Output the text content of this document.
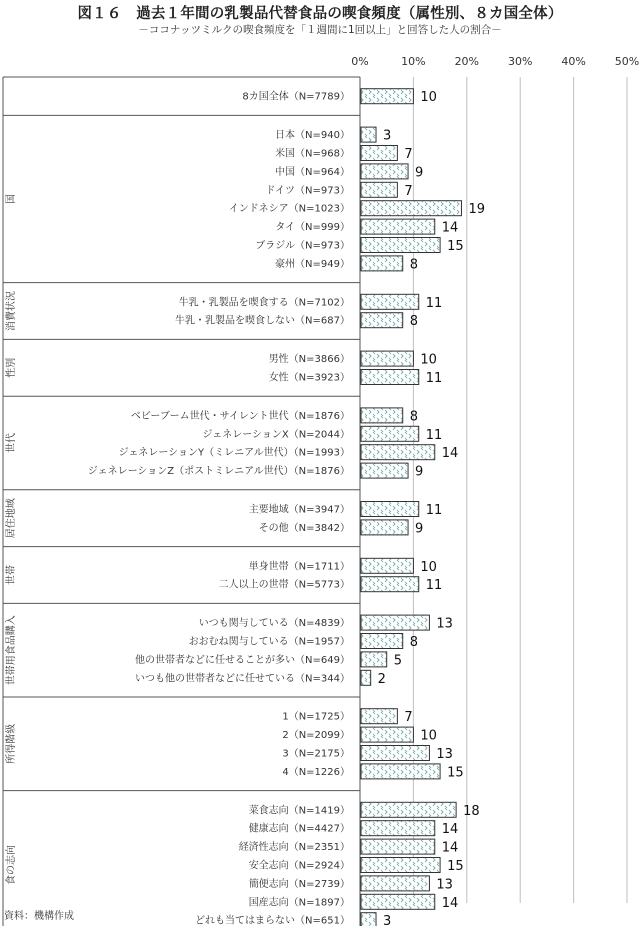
図１６　過去１年間の乳製品代替食品の喫食頻度（属性別、８カ国全体）
－ココナッツミルクの喫食頻度を「１週間に1回以上」と回答した人の割合－
0%	10%	20%	30%	40%	50%
8カ国全体（N=7789）	10
日本（N=940）	3
米国（N=968）	7
中国（N=964）	9
ドイツ（N=973）	7
インドネシア（N=1023）	19
タイ（N=999）	14
ブラジル（N=973）	15
豪州（N=949）	8
国
牛乳・乳製品を喫食する（N=7102）	11
牛乳・乳製品を喫食しない（N=687）	8
消費状況
男性（N=3866）	10
女性（N=3923）	11
性別
ベビーブーム世代・サイレント世代（N=1876）	8
ジェネレーションX（N=2044）	11
ジェネレーションY（ミレニアル世代）（N=1993）	14
ジェネレーションZ（ポストミレニアル世代）（N=1876）	9
世代
主要地域（N=3947）	11
その他（N=3842）	9
居住地域
単身世帯（N=1711）	10
二人以上の世帯（N=5773）	11
世帯
いつも関与している（N=4839）	13
おおむね関与している（N=1957）	8
他の世帯者などに任せることが多い（N=649）	5
いつも他の世帯者などに任せている（N=344） 2
世帯用食品購入
1（N=1725）	7
2（N=2099）	10
3（N=2175）	13
4（N=1226）	15
所得階級
菜食志向（N=1419）	18
健康志向（N=4427）	14
経済性志向（N=2351）	14
安全志向（N=2924）	15
簡便志向（N=2739）	13
国産志向（N=1897）	14
どれも当てはまらない（N=651）	3
食の志向
資料：機構作成
